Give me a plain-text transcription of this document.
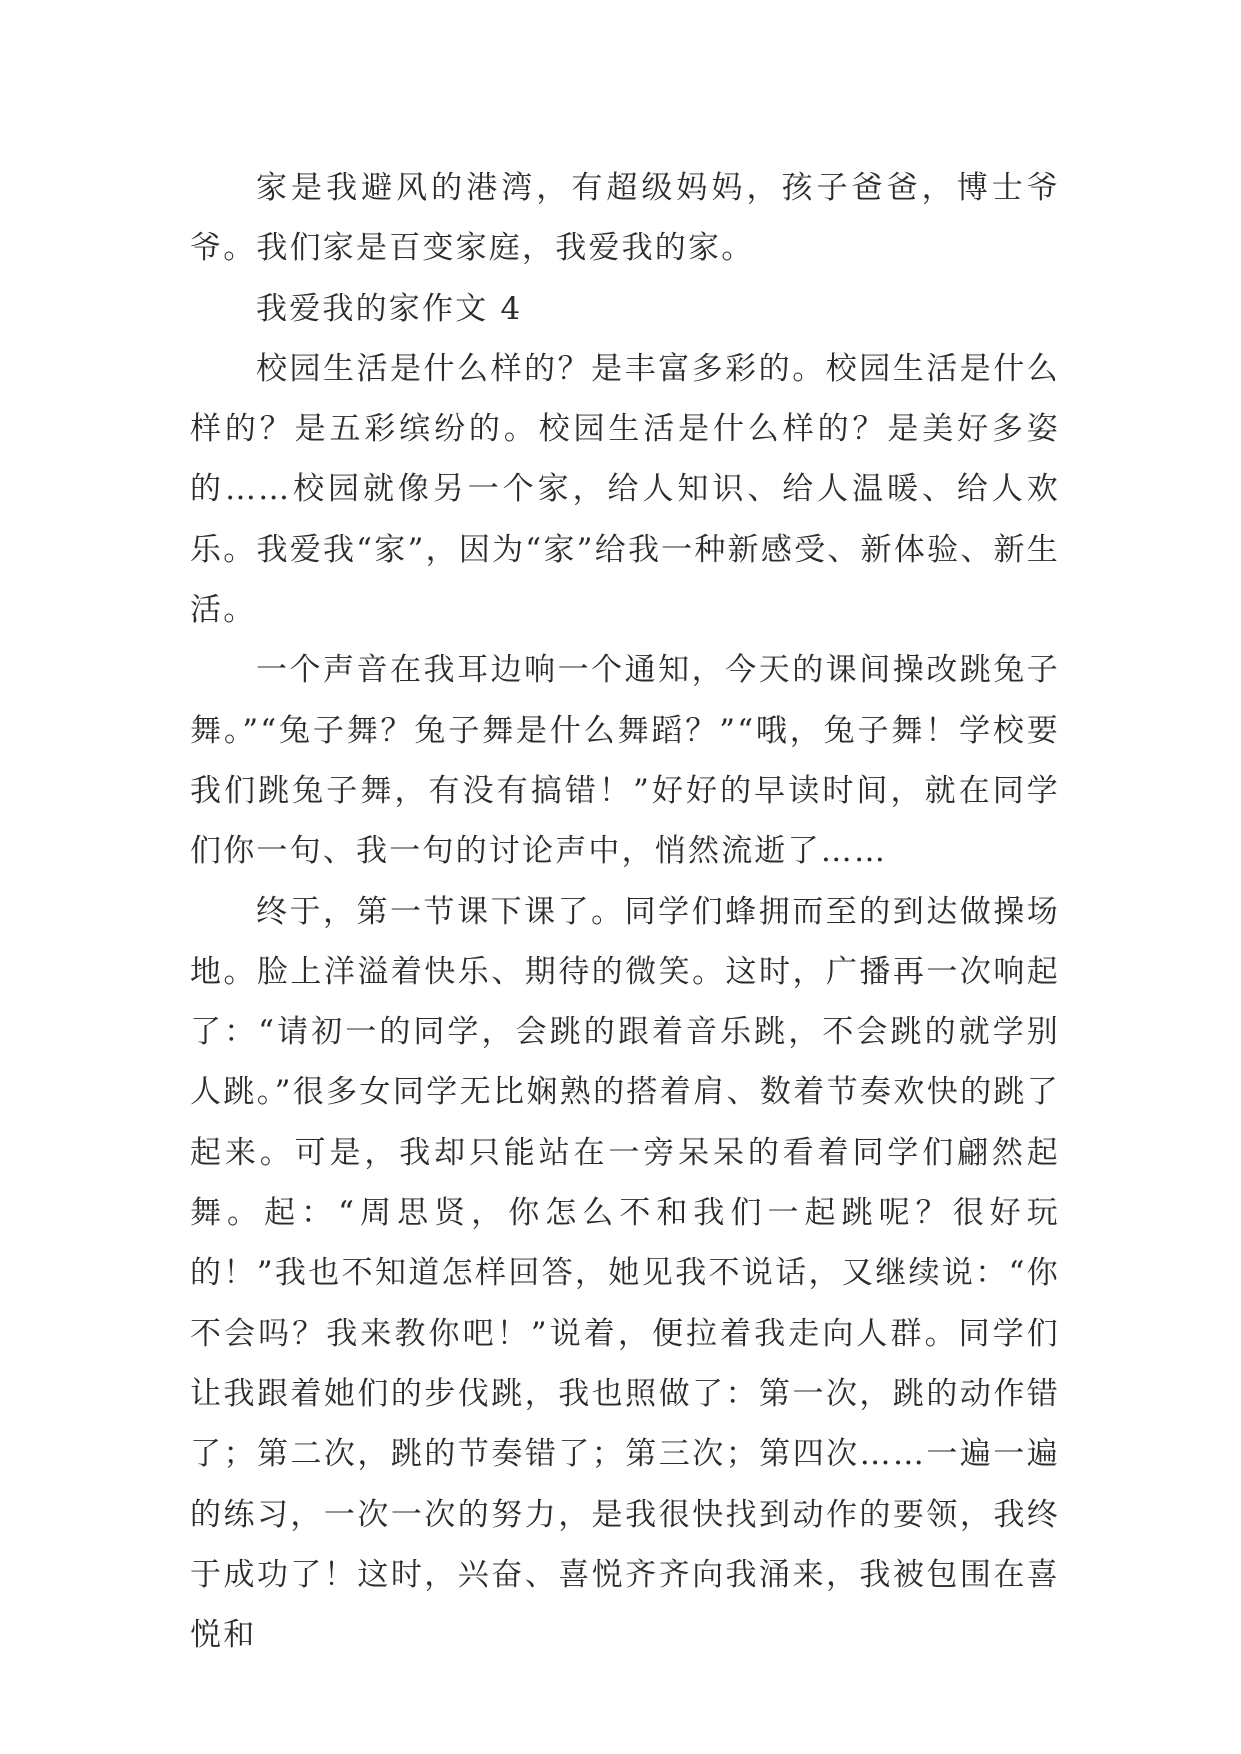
家是我避风的港湾，有超级妈妈，孩子爸爸，博士爷爷。我们家是百变家庭，我爱我的家。

我爱我的家作文 4

校园生活是什么样的？是丰富多彩的。校园生活是什么样的？是五彩缤纷的。校园生活是什么样的？是美好多姿的……校园就像另一个家，给人知识、给人温暖、给人欢乐。我爱我“家”，因为“家”给我一种新感受、新体验、新生活。

一个声音在我耳边响一个通知，今天的课间操改跳兔子舞。”“兔子舞？兔子舞是什么舞蹈？”“哦，兔子舞！学校要我们跳兔子舞，有没有搞错！”好好的早读时间，就在同学们你一句、我一句的讨论声中，悄然流逝了……

终于，第一节课下课了。同学们蜂拥而至的到达做操场地。脸上洋溢着快乐、期待的微笑。这时，广播再一次响起了：“请初一的同学，会跳的跟着音乐跳，不会跳的就学别人跳。”很多女同学无比娴熟的搭着肩、数着节奏欢快的跳了起来。可是，我却只能站在一旁呆呆的看着同学们翩然起舞。起：“周思贤，你怎么不和我们一起跳呢？很好玩的！”我也不知道怎样回答，她见我不说话，又继续说：“你不会吗？我来教你吧！”说着，便拉着我走向人群。同学们让我跟着她们的步伐跳，我也照做了：第一次，跳的动作错了；第二次，跳的节奏错了；第三次；第四次……一遍一遍的练习，一次一次的努力，是我很快找到动作的要领，我终于成功了！这时，兴奋、喜悦齐齐向我涌来，我被包围在喜悦和
